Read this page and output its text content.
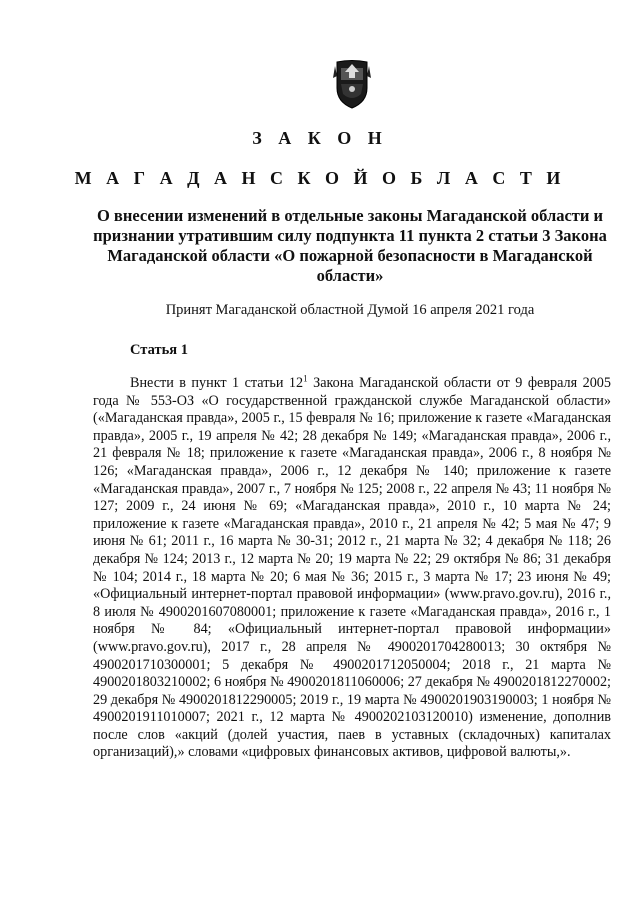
З А К О Н
М А Г А Д А Н С К О Й О Б Л А С Т И
О внесении изменений в отдельные законы Магаданской области и признании утратившим силу подпункта 11 пункта 2 статьи 3 Закона Магаданской области «О пожарной безопасности в Магаданской области»
Принят Магаданской областной Думой 16 апреля 2021 года
Статья 1

Внести в пункт 1 статьи $12^1$ Закона Магаданской области от 9 февраля 2005 года № 553-ОЗ «О государственной гражданской службе Магаданской области» («Магаданская правда», 2005 г., 15 февраля № 16; приложение к газете «Магаданская правда», 2005 г., 19 апреля № 42; 28 декабря № 149; «Магаданская правда», 2006 г., 21 февраля № 18; приложение к газете «Магаданская правда», 2006 г., 8 ноября № 126; «Магаданская правда», 2006 г., 12 декабря № 140; приложение к газете «Магаданская правда», 2007 г., 7 ноября № 125; 2008 г., 22 апреля № 43; 11 ноября № 127; 2009 г., 24 июня № 69; «Магаданская правда», 2010 г., 10 марта № 24; приложение к газете «Магаданская правда», 2010 г., 21 апреля № 42; 5 мая № 47; 9 июня № 61; 2011 г., 16 марта № 30-31; 2012 г., 21 марта № 32; 4 декабря № 118; 26 декабря № 124; 2013 г., 12 марта № 20; 19 марта № 22; 29 октября № 86; 31 декабря № 104; 2014 г., 18 марта № 20; 6 мая № 36; 2015 г., 3 марта № 17; 23 июня № 49; «Официальный интернет-портал правовой информации» (www.pravo.gov.ru), 2016 г., 8 июля № 4900201607080001; приложение к газете «Магаданская правда», 2016 г., 1 ноября № 84; «Официальный интернет-портал правовой информации» (www.pravo.gov.ru), 2017 г., 28 апреля № 4900201704280013; 30 октября № 4900201710300001; 5 декабря № 4900201712050004; 2018 г., 21 марта № 4900201803210002; 6 ноября № 4900201811060006; 27 декабря № 4900201812270002; 29 декабря № 4900201812290005; 2019 г., 19 марта № 4900201903190003; 1 ноября № 4900201911010007; 2021 г., 12 марта № 4900202103120010) изменение, дополнив после слов «акций (долей участия, паев в уставных (складочных) капиталах организаций),» словами «цифровых финансовых активов, цифровой валюты,».
